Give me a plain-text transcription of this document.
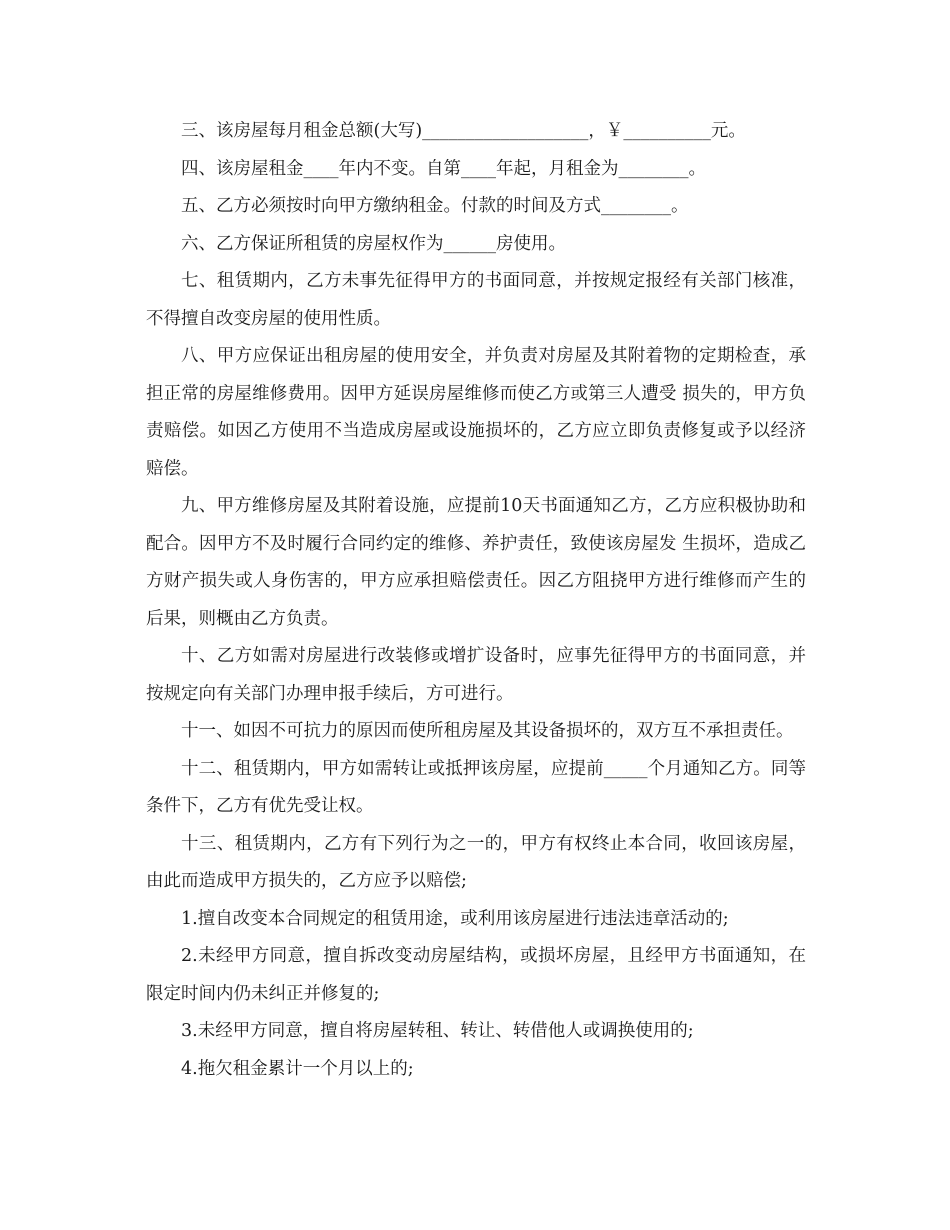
三、该房屋每月租金总额(大写)___________________，￥__________元。

四、该房屋租金____年内不变。自第____年起，月租金为________。

五、乙方必须按时向甲方缴纳租金。付款的时间及方式________。

六、乙方保证所租赁的房屋权作为______房使用。

七、租赁期内，乙方未事先征得甲方的书面同意，并按规定报经有关部门核准，不得擅自改变房屋的使用性质。

八、甲方应保证出租房屋的使用安全，并负责对房屋及其附着物的定期检查，承担正常的房屋维修费用。因甲方延误房屋维修而使乙方或第三人遭受 损失的，甲方负责赔偿。如因乙方使用不当造成房屋或设施损坏的，乙方应立即负责修复或予以经济赔偿。

九、甲方维修房屋及其附着设施，应提前10天书面通知乙方，乙方应积极协助和配合。因甲方不及时履行合同约定的维修、养护责任，致使该房屋发 生损坏，造成乙方财产损失或人身伤害的，甲方应承担赔偿责任。因乙方阻挠甲方进行维修而产生的后果，则概由乙方负责。

十、乙方如需对房屋进行改装修或增扩设备时，应事先征得甲方的书面同意，并按规定向有关部门办理申报手续后，方可进行。

十一、如因不可抗力的原因而使所租房屋及其设备损坏的，双方互不承担责任。

十二、租赁期内，甲方如需转让或抵押该房屋，应提前_____个月通知乙方。同等条件下，乙方有优先受让权。

十三、租赁期内，乙方有下列行为之一的，甲方有权终止本合同，收回该房屋，由此而造成甲方损失的，乙方应予以赔偿;

1.擅自改变本合同规定的租赁用途，或利用该房屋进行违法违章活动的;

2.未经甲方同意，擅自拆改变动房屋结构，或损坏房屋，且经甲方书面通知，在限定时间内仍未纠正并修复的;

3.未经甲方同意，擅自将房屋转租、转让、转借他人或调换使用的;

4.拖欠租金累计一个月以上的;
